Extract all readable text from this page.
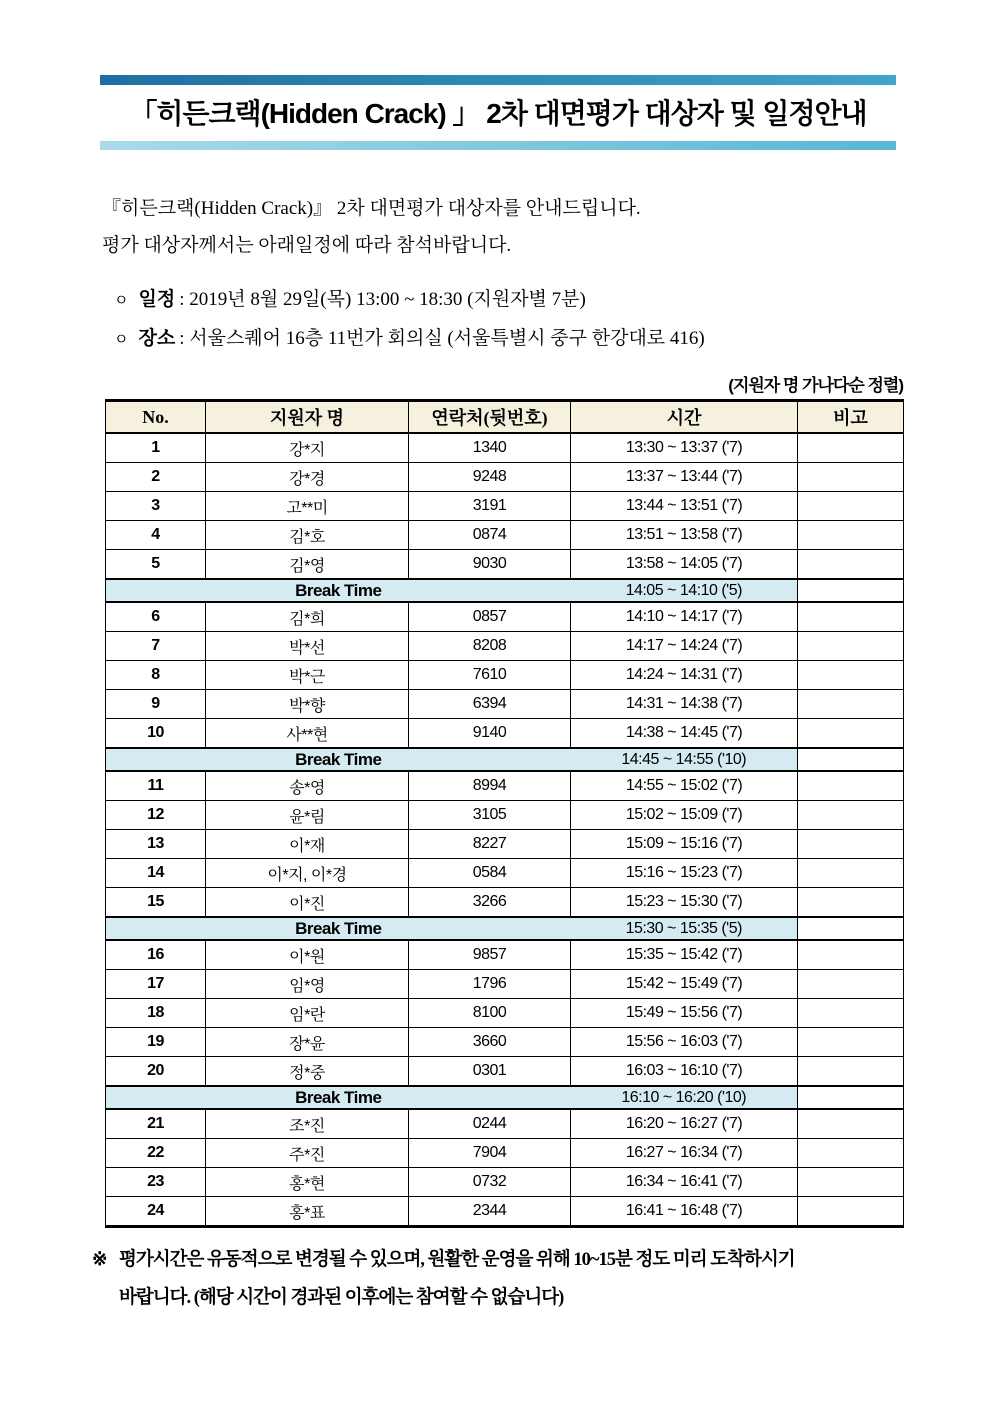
「히든크랙(Hidden Crack) 」 2차 대면평가 대상자 및 일정안내

『히든크랙(Hidden Crack)』 2차 대면평가 대상자를 안내드립니다.

평가 대상자께서는 아래일정에 따라 참석바랍니다.

ㅇ 일정 : 2019년 8월 29일(목) 13:00 ~ 18:30 (지원자별 7분)
ㅇ 장소 : 서울스퀘어 16층 11번가 회의실 (서울특별시 중구 한강대로 416)
(지원자 명 가나다순 정렬)
No.	지원자 명	연락처(뒷번호)	시간	비고
1	강*지	1340	13:30 ~ 13:37 ('7)	
2	강*경	9248	13:37 ~ 13:44 ('7)	
3	고**미	3191	13:44 ~ 13:51 ('7)	
4	김*호	0874	13:51 ~ 13:58 ('7)	
5	김*영	9030	13:58 ~ 14:05 ('7)	
Break Time			14:05 ~ 14:10 ('5)	
6	김*희	0857	14:10 ~ 14:17 ('7)	
7	박*선	8208	14:17 ~ 14:24 ('7)	
8	박*근	7610	14:24 ~ 14:31 ('7)	
9	박*향	6394	14:31 ~ 14:38 ('7)	
10	사**현	9140	14:38 ~ 14:45 ('7)	
Break Time			14:45 ~ 14:55 ('10)	
11	송*영	8994	14:55 ~ 15:02 ('7)	
12	윤*림	3105	15:02 ~ 15:09 ('7)	
13	이*재	8227	15:09 ~ 15:16 ('7)	
14	이*지, 이*경	0584	15:16 ~ 15:23 ('7)	
15	이*진	3266	15:23 ~ 15:30 ('7)	
Break Time			15:30 ~ 15:35 ('5)	
16	이*원	9857	15:35 ~ 15:42 ('7)	
17	임*영	1796	15:42 ~ 15:49 ('7)	
18	임*란	8100	15:49 ~ 15:56 ('7)	
19	장*윤	3660	15:56 ~ 16:03 ('7)	
20	정*중	0301	16:03 ~ 16:10 ('7)	
Break Time			16:10 ~ 16:20 ('10)	
21	조*진	0244	16:20 ~ 16:27 ('7)	
22	주*진	7904	16:27 ~ 16:34 ('7)	
23	홍*현	0732	16:34 ~ 16:41 ('7)	
24	홍*표	2344	16:41 ~ 16:48 ('7)	
※ 평가시간은 유동적으로 변경될 수 있으며, 원활한 운영을 위해 10~15분 정도 미리 도착하시기
바랍니다. (해당 시간이 경과된 이후에는 참여할 수 없습니다)
